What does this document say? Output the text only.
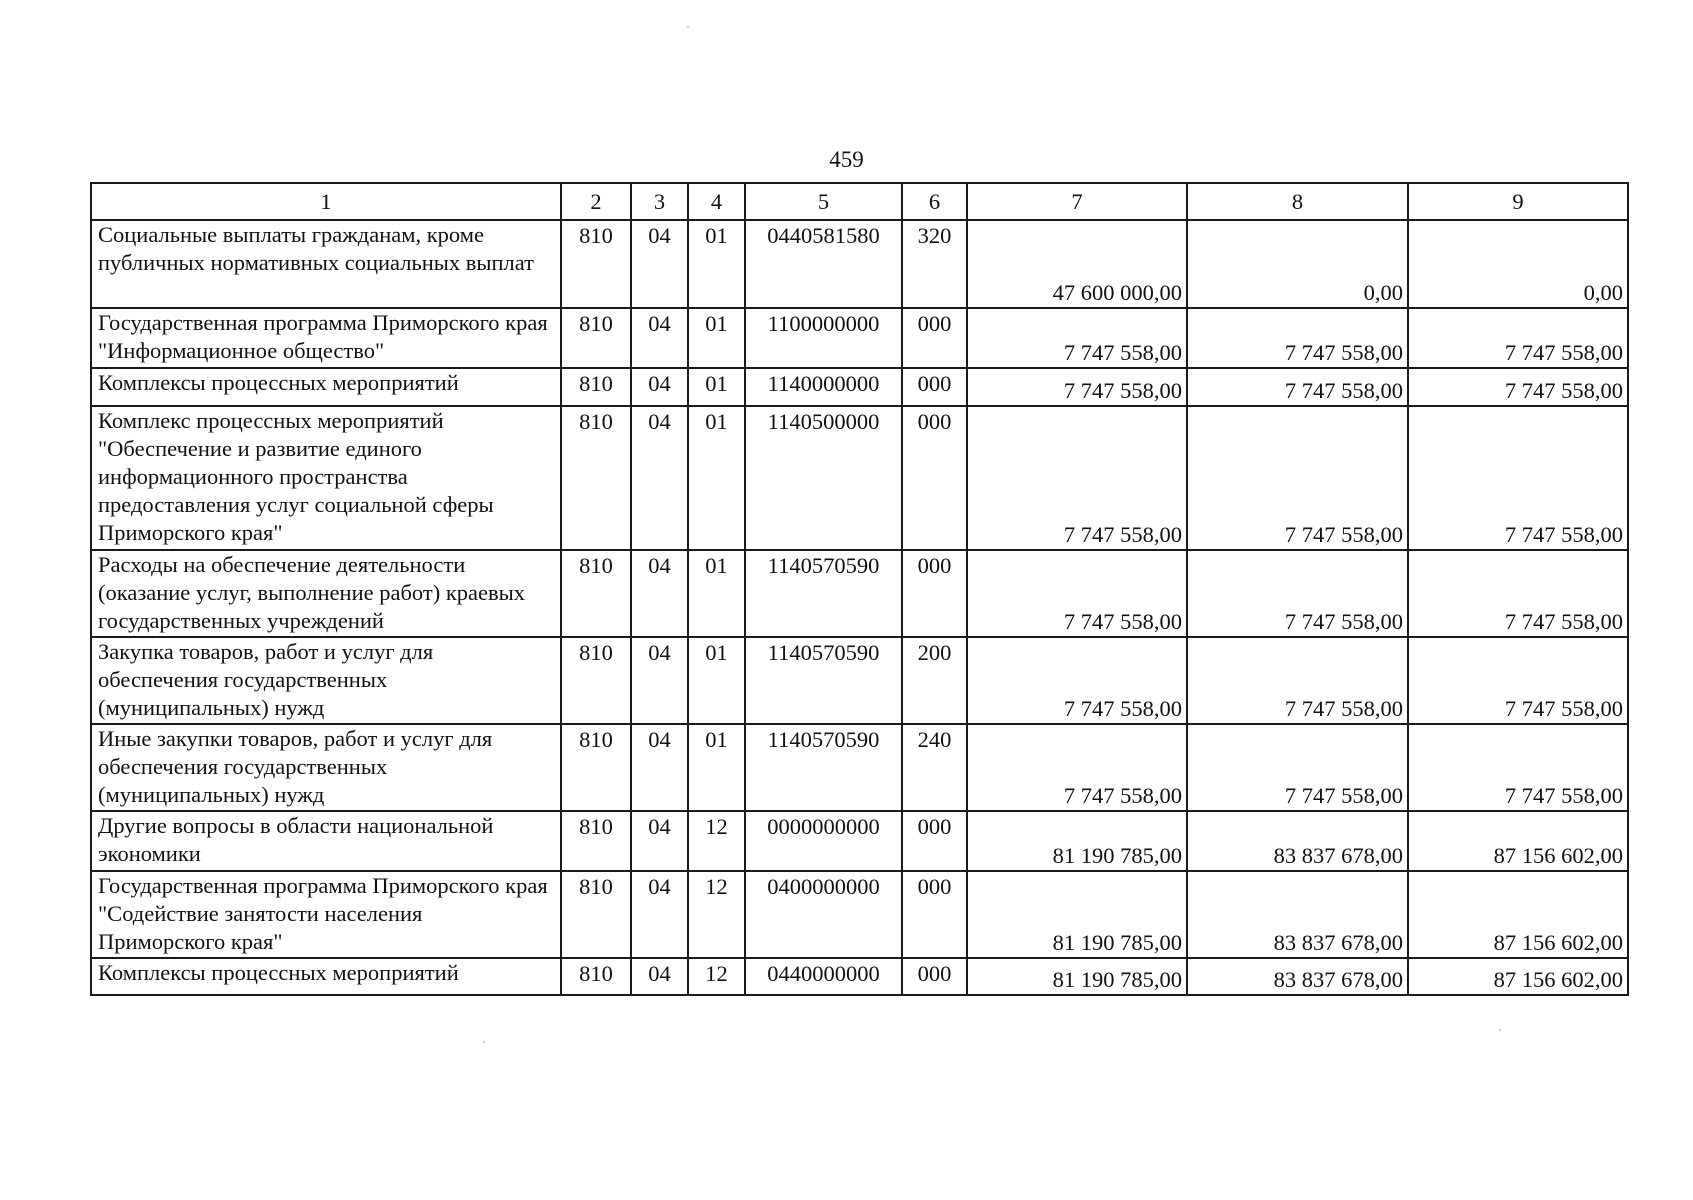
459
1	2	3	4	5	6	7	8	9
Социальные выплаты гражданам, кроме публичных нормативных социальных выплат	810	04	01	0440581580	320	47 600 000,00	0,00	0,00
Государственная программа Приморского края "Информационное общество"	810	04	01	1100000000	000	7 747 558,00	7 747 558,00	7 747 558,00
Комплексы процессных мероприятий	810	04	01	1140000000	000	7 747 558,00	7 747 558,00	7 747 558,00
Комплекс процессных мероприятий "Обеспечение и развитие единого информационного пространства предоставления услуг социальной сферы Приморского края"	810	04	01	1140500000	000	7 747 558,00	7 747 558,00	7 747 558,00
Расходы на обеспечение деятельности (оказание услуг, выполнение работ) краевых государственных учреждений	810	04	01	1140570590	000	7 747 558,00	7 747 558,00	7 747 558,00
Закупка товаров, работ и услуг для обеспечения государственных (муниципальных) нужд	810	04	01	1140570590	200	7 747 558,00	7 747 558,00	7 747 558,00
Иные закупки товаров, работ и услуг для обеспечения государственных (муниципальных) нужд	810	04	01	1140570590	240	7 747 558,00	7 747 558,00	7 747 558,00
Другие вопросы в области национальной экономики	810	04	12	0000000000	000	81 190 785,00	83 837 678,00	87 156 602,00
Государственная программа Приморского края "Содействие занятости населения Приморского края"	810	04	12	0400000000	000	81 190 785,00	83 837 678,00	87 156 602,00
Комплексы процессных мероприятий	810	04	12	0440000000	000	81 190 785,00	83 837 678,00	87 156 602,00
